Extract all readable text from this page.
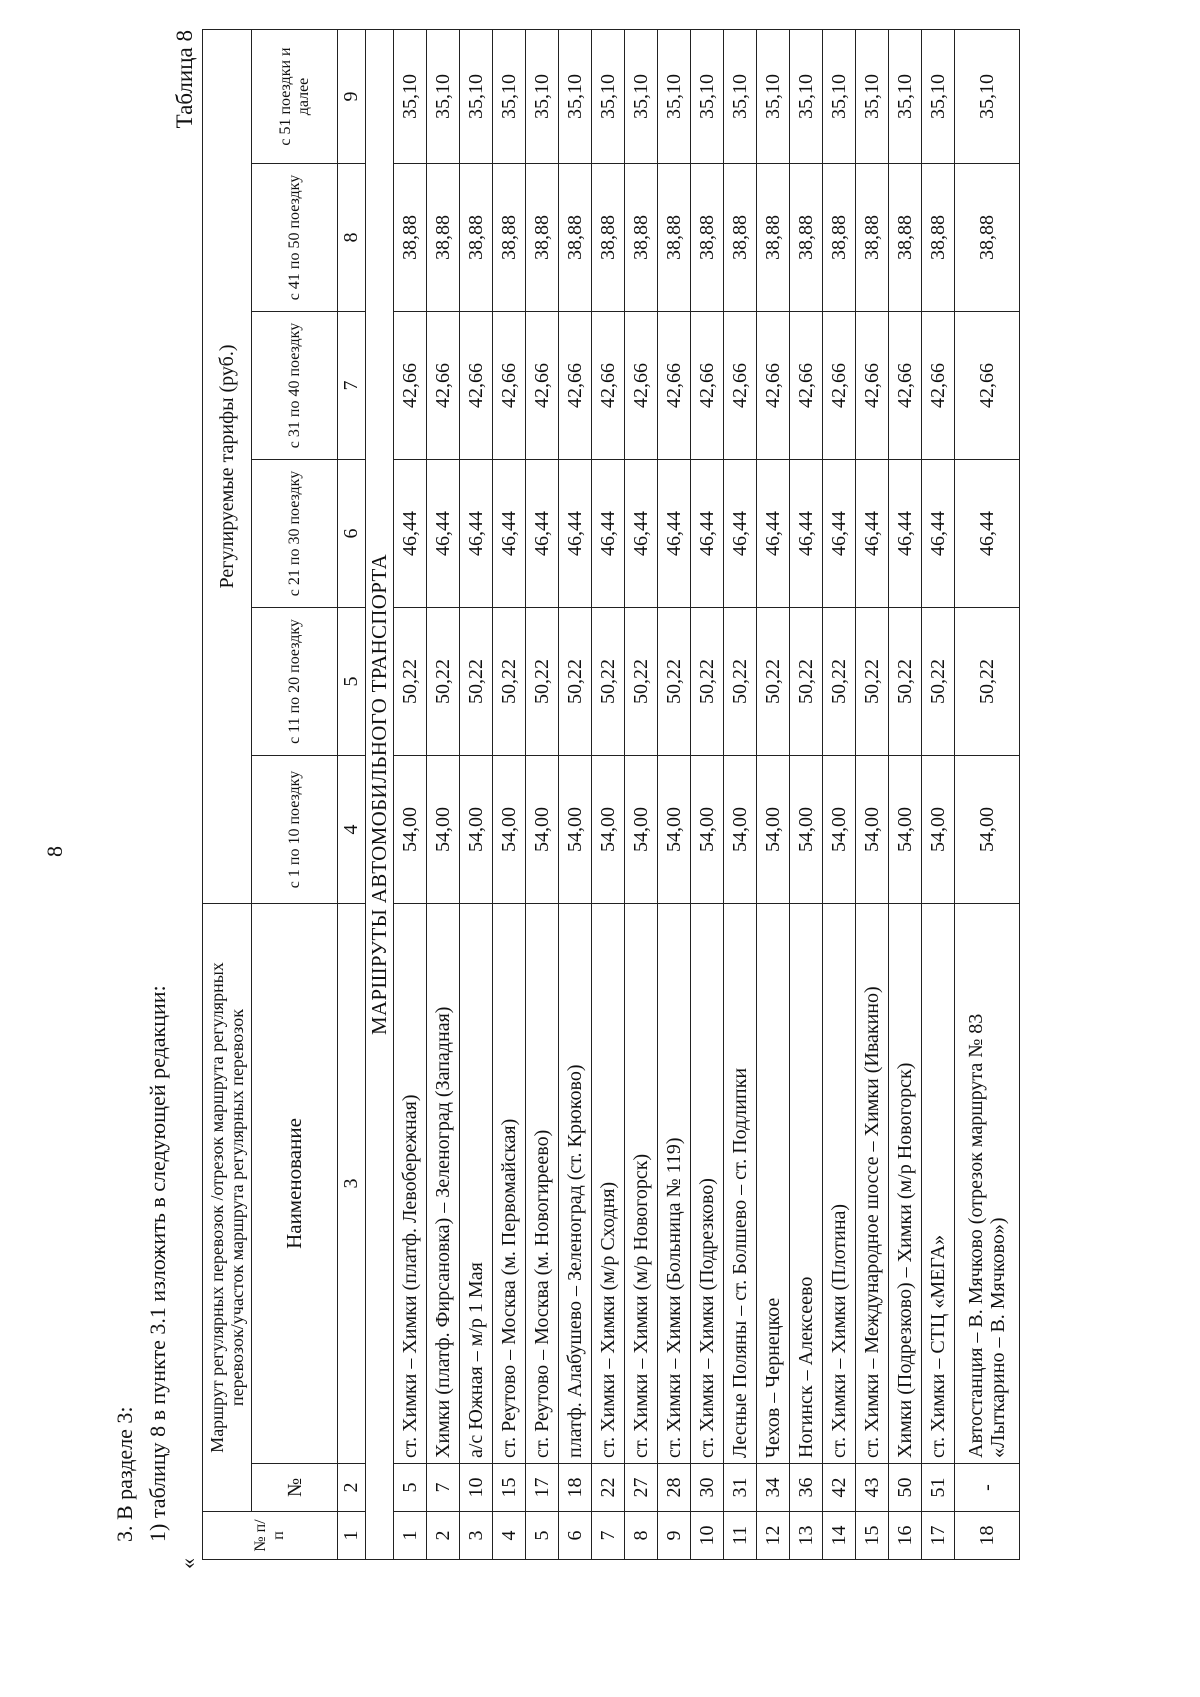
8
3. В разделе 3: 1) таблицу 8 в пункте 3.1 изложить в следующей редакции:
«
Таблица 8
№ п/п	Маршрут регулярных перевозок /отрезок маршрута регулярных перевозок/участок маршрута регулярных перевозок		Регулируемые тарифы (руб.)					
	№	Наименование	с 1 по 10 поездку	с 11 по 20 поездку	с 21 по 30 поездку	с 31 по 40 поездку	с 41 по 50 поездку	с 51 поездки и далее
1	2	3	4	5	6	7	8	9
МАРШРУТЫ АВТОМОБИЛЬНОГО ТРАНСПОРТА								
1	5	ст. Химки – Химки (платф. Левобережная)	54,00	50,22	46,44	42,66	38,88	35,10
2	7	Химки (платф. Фирсановка) – Зеленоград (Западная)	54,00	50,22	46,44	42,66	38,88	35,10
3	10	а/с Южная – м/р 1 Мая	54,00	50,22	46,44	42,66	38,88	35,10
4	15	ст. Реутово – Москва (м. Первомайская)	54,00	50,22	46,44	42,66	38,88	35,10
5	17	ст. Реутово – Москва (м. Новогиреево)	54,00	50,22	46,44	42,66	38,88	35,10
6	18	платф. Алабушево – Зеленоград (ст. Крюково)	54,00	50,22	46,44	42,66	38,88	35,10
7	22	ст. Химки – Химки (м/р Сходня)	54,00	50,22	46,44	42,66	38,88	35,10
8	27	ст. Химки – Химки (м/р Новогорск)	54,00	50,22	46,44	42,66	38,88	35,10
9	28	ст. Химки – Химки (Больница № 119)	54,00	50,22	46,44	42,66	38,88	35,10
10	30	ст. Химки – Химки (Подрезково)	54,00	50,22	46,44	42,66	38,88	35,10
11	31	Лесные Поляны – ст. Болшево – ст. Подлипки	54,00	50,22	46,44	42,66	38,88	35,10
12	34	Чехов – Чернецкое	54,00	50,22	46,44	42,66	38,88	35,10
13	36	Ногинск – Алексеево	54,00	50,22	46,44	42,66	38,88	35,10
14	42	ст. Химки – Химки (Плотина)	54,00	50,22	46,44	42,66	38,88	35,10
15	43	ст. Химки – Международное шоссе – Химки (Ивакино)	54,00	50,22	46,44	42,66	38,88	35,10
16	50	Химки (Подрезково) – Химки (м/р Новогорск)	54,00	50,22	46,44	42,66	38,88	35,10
17	51	ст. Химки – СТЦ «МЕГА»	54,00	50,22	46,44	42,66	38,88	35,10
18	-	Автостанция – В. Мячково (отрезок маршрута № 83 «Лыткарино – В. Мячково»)	54,00	50,22	46,44	42,66	38,88	35,10
